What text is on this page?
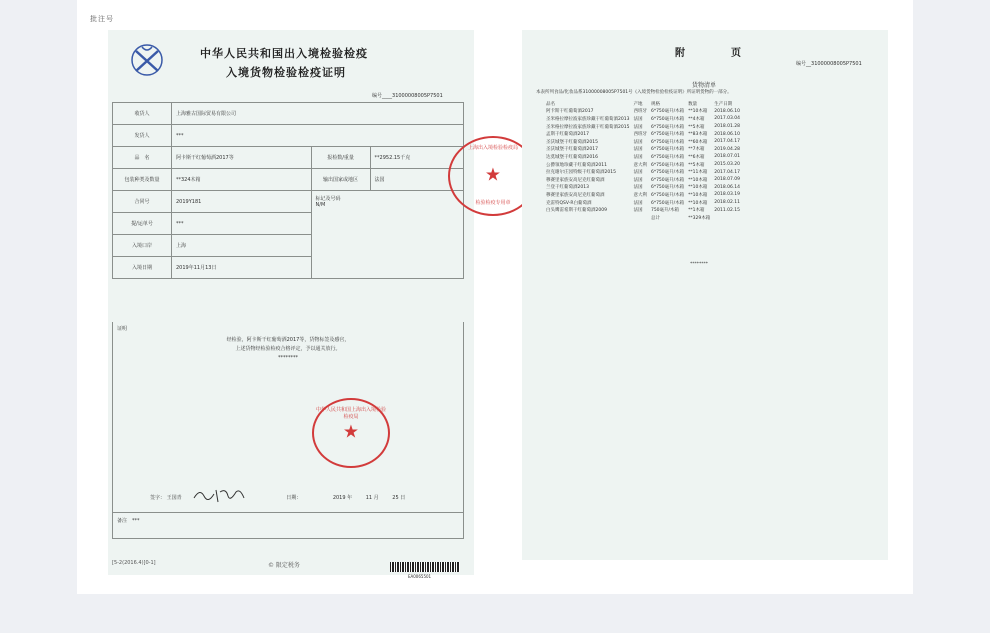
批注号
中华人民共和国出入境检验检疫
入境货物检验检疫证明
编号____31000008005P7501
收货人	上海雅古国际贸易有限公司		
发货人	***		
品　名	阿卡斯干红葡萄酒2017等	报检数/重量	**2952.15千克
包装种类及数量	**324木箱	输出国家或地区	法国
合同号	2019Y181	标记及号码
N/M	
提/运单号	***		
入境口岸	上海		
入境日期	2019年11月13日		
证明
经检验，阿卡斯干红葡萄酒2017等，货物标签及感官，
上述货物经检验检疫合格评定，予以通关放行。
********
★
中华人民共和国上海出入境检验检疫局
签字： 王国青	日期：	2019 年	11 月	25 日
备注　 ***
[5-2(2016.4)]0-1]	© 限定税务
EA0065501
★
上海出入境检验检疫局
检验检疫专用章
附　页
编号__31000008005P7501
货物清单
本表所列食品/化妆品系31000008005P7501号《入境货物检验检疫证明》所证明货物的一部分。
品名	产地	规格	数量	生产日期
阿卡斯干红葡萄酒2017	西班牙	6*750毫升/木箱	**10木箱	2018.06.10
圣米格拉摩拉波家族珍藏干红葡萄酒2013	法国	6*750毫升/木箱	**4木箱	2017.03.04
圣米格拉摩拉波家族珍藏干红葡萄酒2015	法国	6*750毫升/木箱	**5木箱	2018.01.28
孟斯干红葡萄酒2017	西班牙	6*750毫升/木箱	**83木箱	2018.06.10
圣沃城堡干红葡萄酒2015	法国	6*750毫升/木箱	**60木箱	2017.04.17
圣沃城堡干红葡萄酒2017	法国	6*750毫升/木箱	**7木箱	2019.04.28
达莫城堡干红葡萄酒2016	法国	6*750毫升/木箱	**6木箱	2018.07.01
公爵领地珍藏干红葡萄酒2011	意大利	6*750毫升/木箱	**5木箱	2015.03.20
拉克谢尔庄园特级干红葡萄酒2015	法国	6*750毫升/木箱	**11木箱	2017.04.17
穆赛里家族安高尼克红葡萄酒	法国	6*750毫升/木箱	**10木箱	2018.07.09
兰登干红葡萄酒2013	法国	6*750毫升/木箱	**10木箱	2018.06.14
穆赛里家族安高尼克红葡萄酒	意大利	6*750毫升/木箱	**10木箱	2018.03.19
克雷特QSV-R白葡萄酒	法国	6*750毫升/木箱	**10木箱	2018.02.11
白头鹰雷希斯干红葡萄酒2009	法国	750毫升/木箱	**1木箱	2011.02.15
		总计	**329木箱	
********
